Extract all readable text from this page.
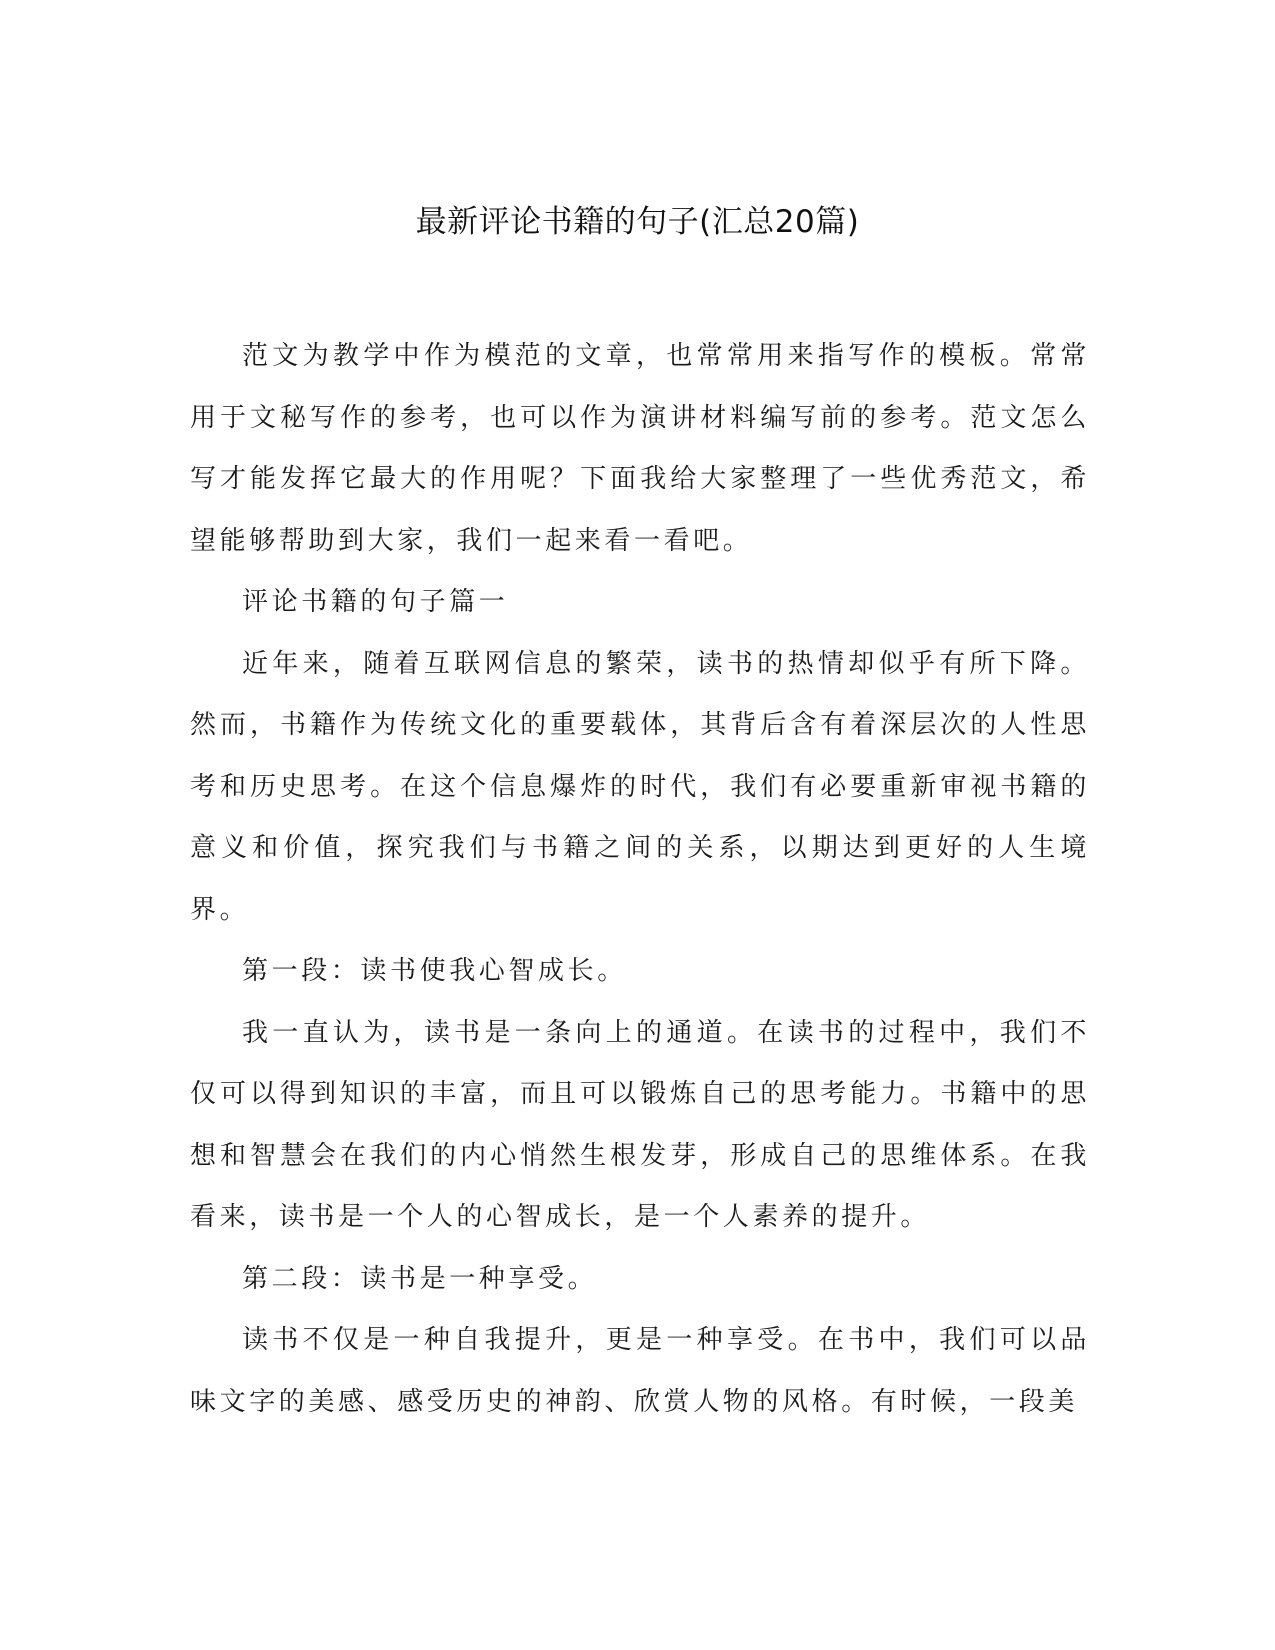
最新评论书籍的句子(汇总20篇)

范文为教学中作为模范的文章，也常常用来指写作的模板。常常用于文秘写作的参考，也可以作为演讲材料编写前的参考。范文怎么写才能发挥它最大的作用呢？下面我给大家整理了一些优秀范文，希望能够帮助到大家，我们一起来看一看吧。

评论书籍的句子篇一

近年来，随着互联网信息的繁荣，读书的热情却似乎有所下降。然而，书籍作为传统文化的重要载体，其背后含有着深层次的人性思考和历史思考。在这个信息爆炸的时代，我们有必要重新审视书籍的意义和价值，探究我们与书籍之间的关系，以期达到更好的人生境界。

第一段：读书使我心智成长。

我一直认为，读书是一条向上的通道。在读书的过程中，我们不仅可以得到知识的丰富，而且可以锻炼自己的思考能力。书籍中的思想和智慧会在我们的内心悄然生根发芽，形成自己的思维体系。在我看来，读书是一个人的心智成长，是一个人素养的提升。

第二段：读书是一种享受。

读书不仅是一种自我提升，更是一种享受。在书中，我们可以品味文字的美感、感受历史的神韵、欣赏人物的风格。有时候，一段美
